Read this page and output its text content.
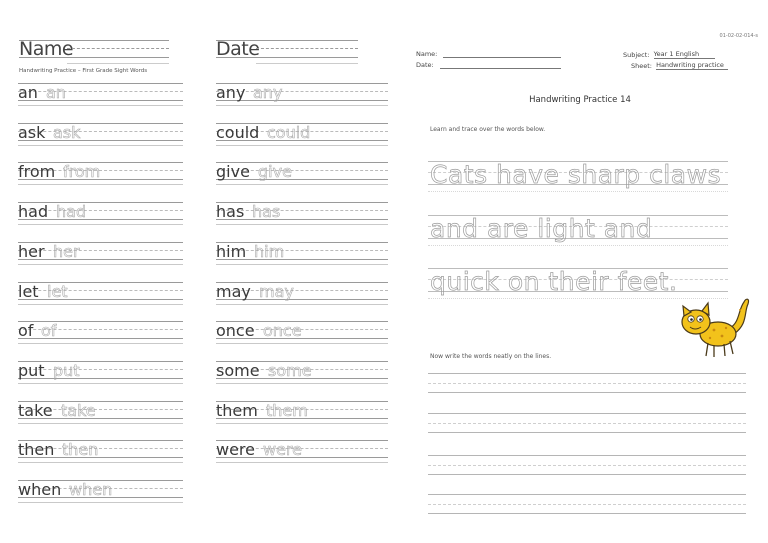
Name	Date
Handwriting Practice – First Grade Sight Words
an an
ask ask
from from
had had
her her
let let
of of
put put
take take
then then
when when
any any
could could
give give
has has
him him
may may
once once
some some
them them
were were
01-02-02-014-s
Name:
Date:
Subject: Year 1 English
Sheet: Handwriting practice
Handwriting Practice 14
Learn and trace over the words below.
Cats have sharp claws
and are light and
quick on their feet.
Now write the words neatly on the lines.
